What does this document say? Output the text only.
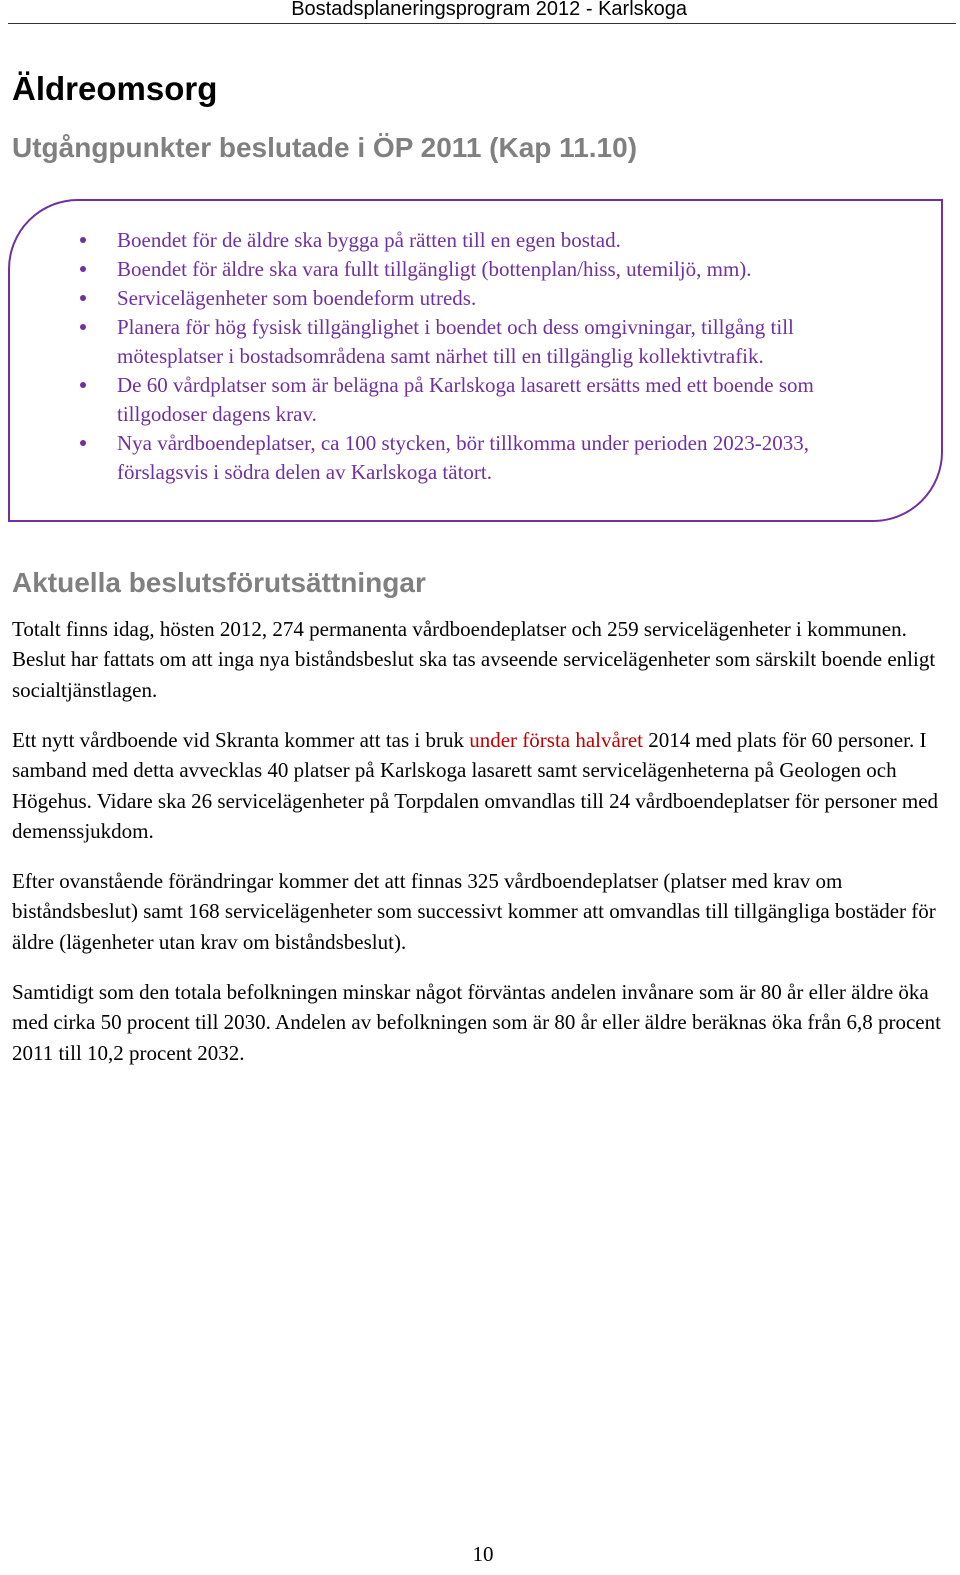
Bostadsplaneringsprogram 2012 - Karlskoga
Äldreomsorg
Utgångpunkter beslutade i ÖP 2011 (Kap 11.10)
Boendet för de äldre ska bygga på rätten till en egen bostad.
Boendet för äldre ska vara fullt tillgängligt (bottenplan/hiss, utemiljö, mm).
Servicelägenheter som boendeform utreds.
Planera för hög fysisk tillgänglighet i boendet och dess omgivningar, tillgång till mötesplatser i bostadsområdena samt närhet till en tillgänglig kollektivtrafik.
De 60 vårdplatser som är belägna på Karlskoga lasarett ersätts med ett boende som tillgodoser dagens krav.
Nya vårdboendeplatser, ca 100 stycken, bör tillkomma under perioden 2023-2033, förslagsvis i södra delen av Karlskoga tätort.
Aktuella beslutsförutsättningar

Totalt finns idag, hösten 2012, 274 permanenta vårdboendeplatser och 259 servicelägenheter i kommunen. Beslut har fattats om att inga nya biståndsbeslut ska tas avseende servicelägenheter som särskilt boende enligt socialtjänstlagen.

Ett nytt vårdboende vid Skranta kommer att tas i bruk under första halvåret 2014 med plats för 60 personer. I samband med detta avvecklas 40 platser på Karlskoga lasarett samt servicelägenheterna på Geologen och Högehus. Vidare ska 26 servicelägenheter på Torpdalen omvandlas till 24 vårdboendeplatser för personer med demenssjukdom.

Efter ovanstående förändringar kommer det att finnas 325 vårdboendeplatser (platser med krav om biståndsbeslut) samt 168 servicelägenheter som successivt kommer att omvandlas till tillgängliga bostäder för äldre (lägenheter utan krav om biståndsbeslut).

Samtidigt som den totala befolkningen minskar något förväntas andelen invånare som är 80 år eller äldre öka med cirka 50 procent till 2030. Andelen av befolkningen som är 80 år eller äldre beräknas öka från 6,8 procent 2011 till 10,2 procent 2032.

10
